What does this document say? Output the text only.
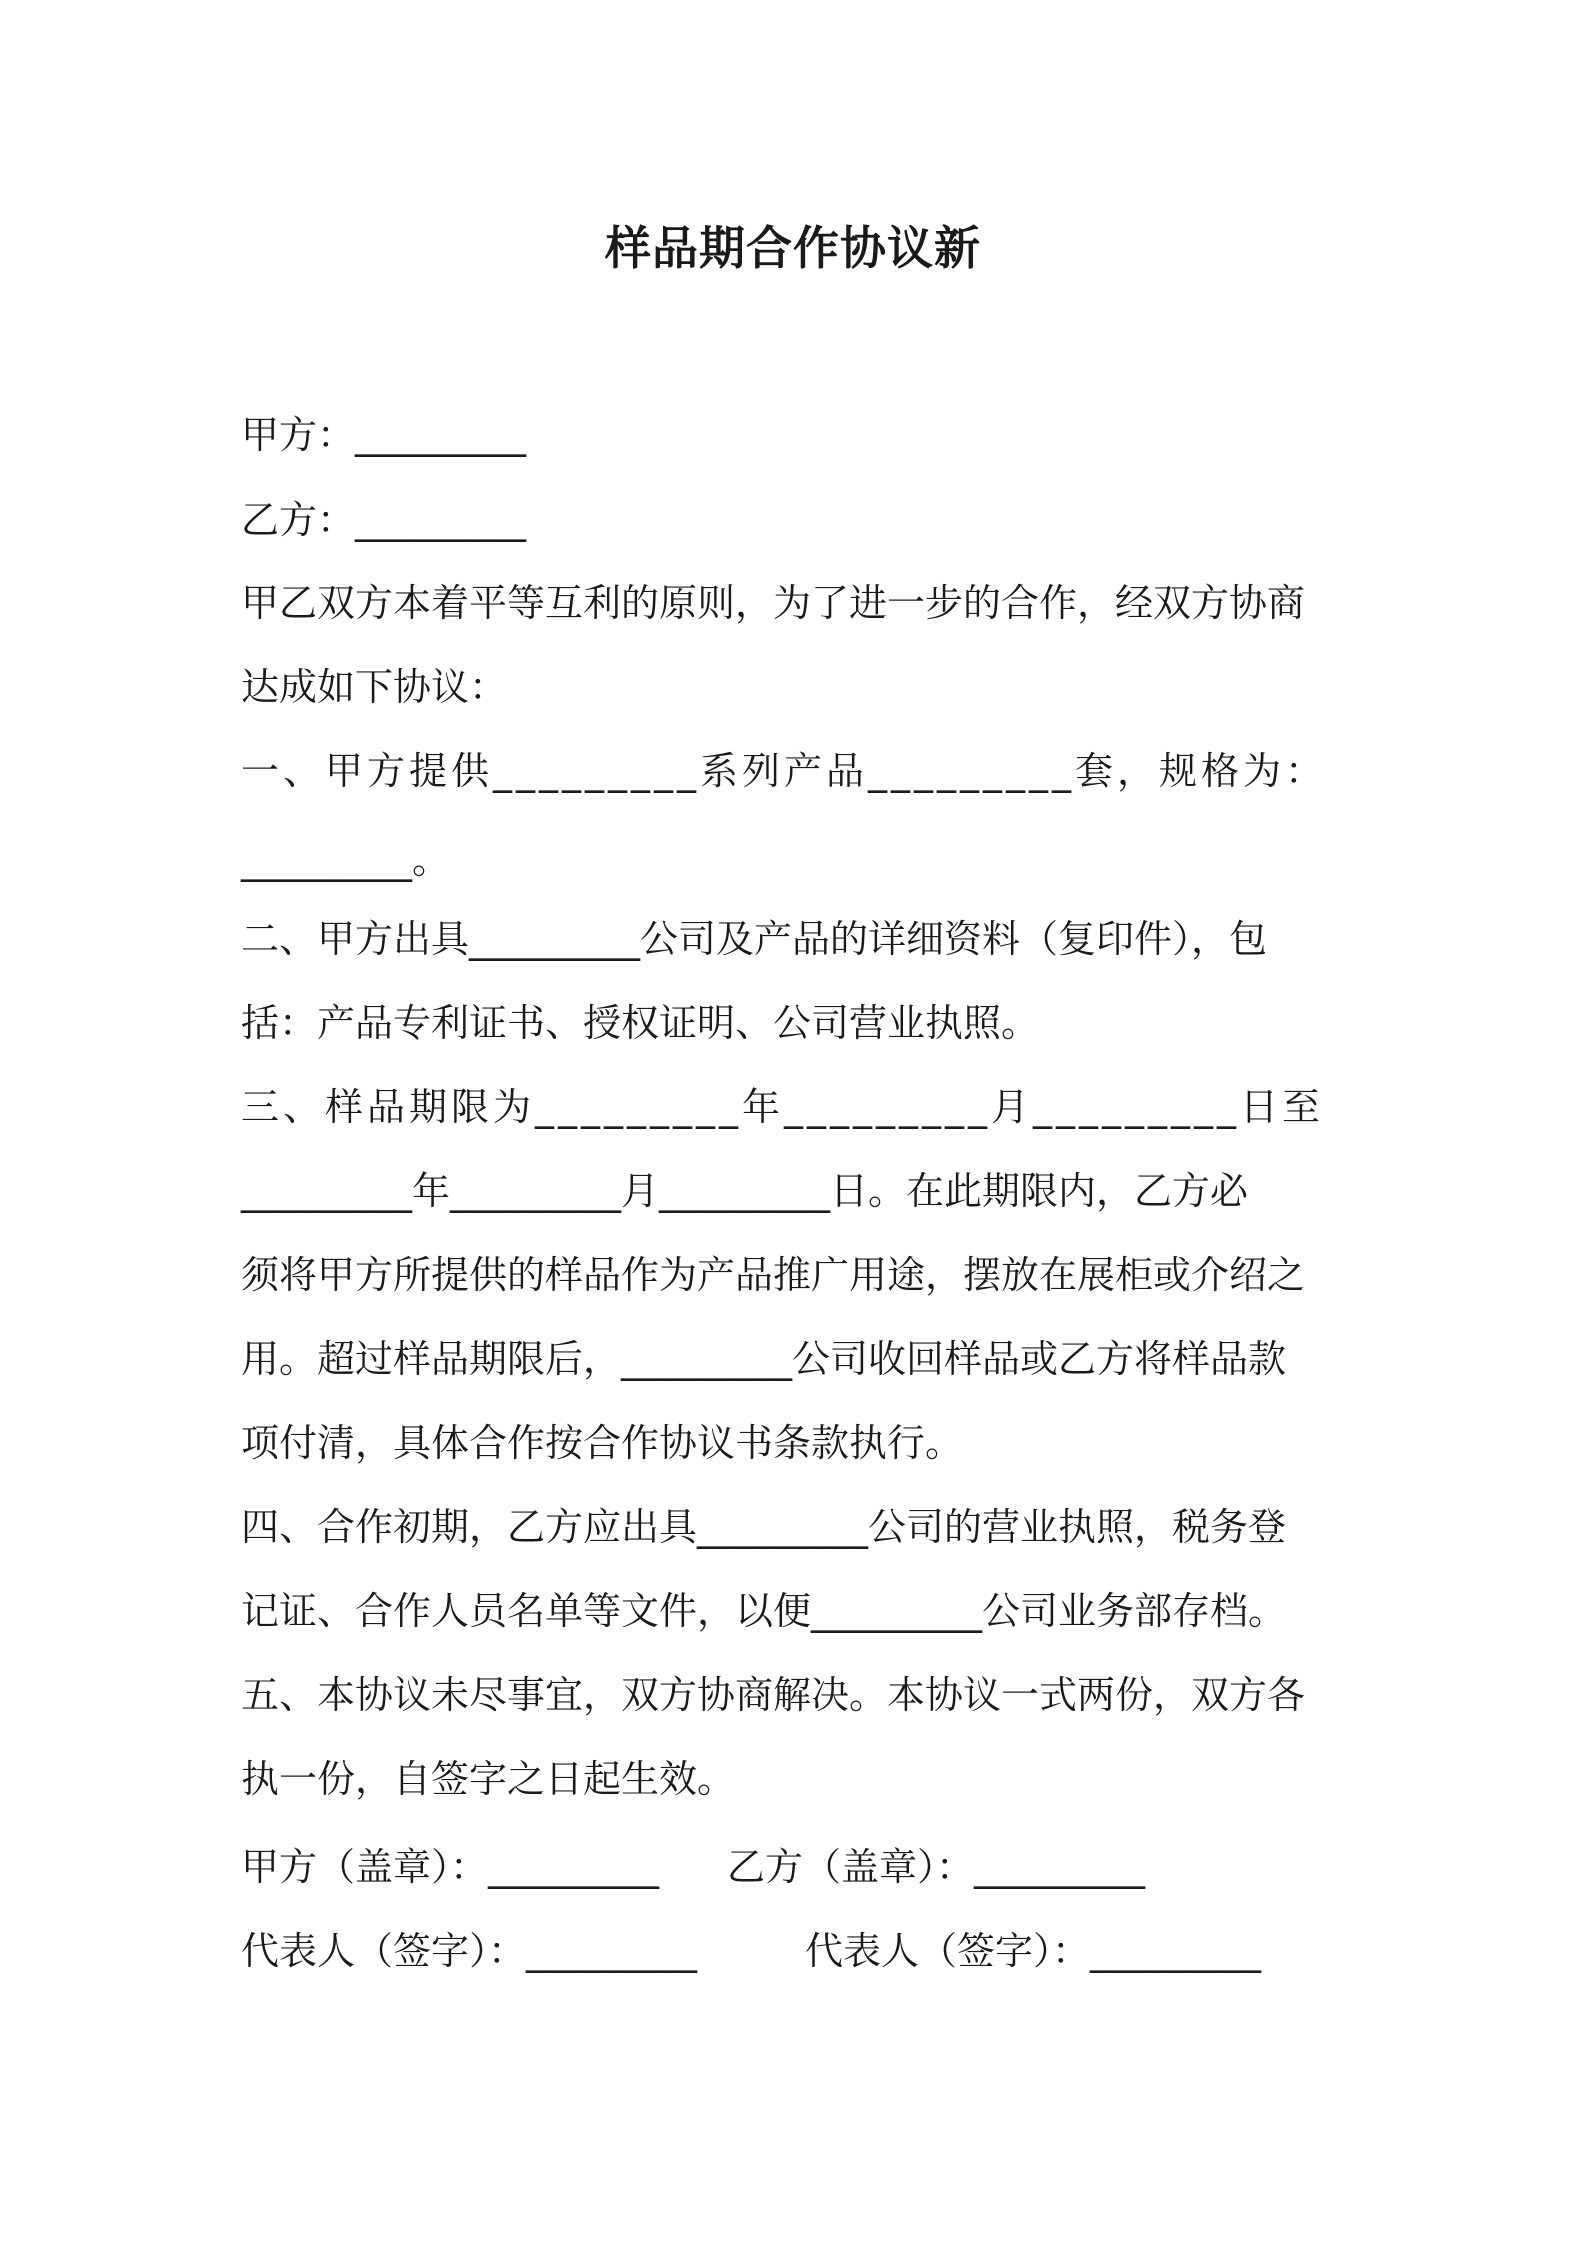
样品期合作协议新

甲方：_________

乙方：_________

甲乙双方本着平等互利的原则，为了进一步的合作，经双方协商

达成如下协议：

一、甲方提供_________系列产品_________套，规格为：

_________。

二、甲方出具_________公司及产品的详细资料（复印件），包

括：产品专利证书、授权证明、公司营业执照。

三、样品期限为_________年_________月_________日至

_________年_________月_________日。在此期限内，乙方必

须将甲方所提供的样品作为产品推广用途，摆放在展柜或介绍之

用。超过样品期限后，_________公司收回样品或乙方将样品款

项付清，具体合作按合作协议书条款执行。

四、合作初期，乙方应出具_________公司的营业执照，税务登

记证、合作人员名单等文件，以便_________公司业务部存档。

五、本协议未尽事宜，双方协商解决。本协议一式两份，双方各

执一份，自签字之日起生效。

甲方（盖章）：_________ 乙方（盖章）：_________

代表人（签字）：_________	代表人（签字）：_________
